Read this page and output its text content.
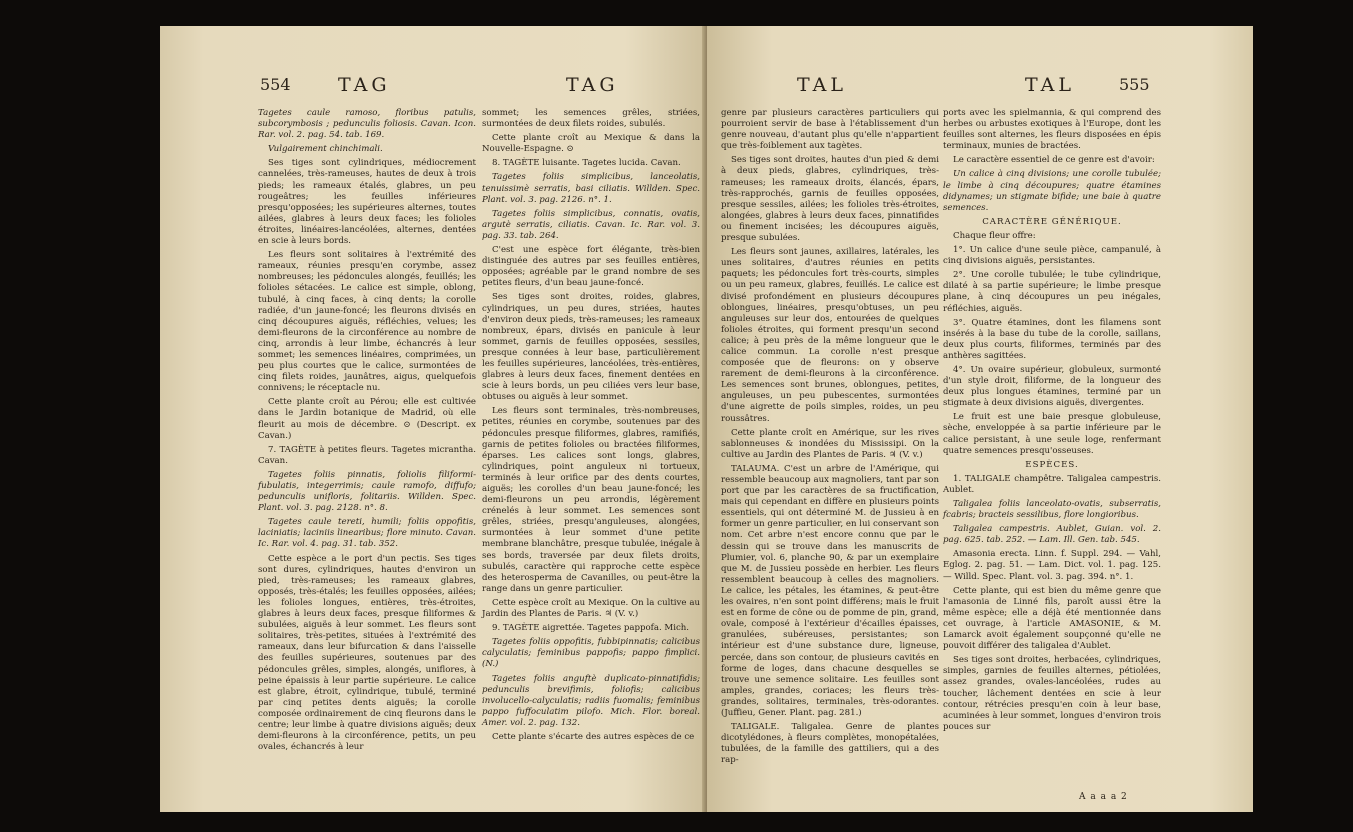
554 TAG	TAG

Tagetes caule ramoso, floribus patulis, subcorymbosis ; pedunculis foliosis. Cavan. Icon. Rar. vol. 2. pag. 54. tab. 169.

Vulgairement chinchimali.

Ses tiges sont cylindriques, médiocrement cannelées, très-rameuses, hautes de deux à trois pieds; les rameaux étalés, glabres, un peu rougeâtres; les feuilles inférieures presqu'opposées; les supérieures alternes, toutes ailées, glabres à leurs deux faces; les folioles étroites, linéaires-lancéolées, alternes, dentées en scie à leurs bords.

Les fleurs sont solitaires à l'extrémité des rameaux, réunies presqu'en corymbe, assez nombreuses; les pédoncules alongés, feuillés; les folioles sétacées. Le calice est simple, oblong, tubulé, à cinq faces, à cinq dents; la corolle radiée, d'un jaune-foncé; les fleurons divisés en cinq découpures aiguës, réfléchies, velues; les demi-fleurons de la circonférence au nombre de cinq, arrondis à leur limbe, échancrés à leur sommet; les semences linéaires, comprimées, un peu plus courtes que le calice, surmontées de cinq filets roides, jaunâtres, aigus, quelquefois connivens; le réceptacle nu.

Cette plante croît au Pérou; elle est cultivée dans le Jardin botanique de Madrid, où elle fleurit au mois de décembre. ⊙ (Descript. ex Cavan.)

7. TAGÈTE à petites fleurs. Tagetes micrantha. Cavan.

Tagetes foliis pinnatis, foliolis filiformi-fubulatis, integerrimis; caule ramofo, diffufo; pedunculis unifloris, folitariis. Willden. Spec. Plant. vol. 3. pag. 2128. n°. 8.

Tagetes caule tereti, humili; foliis oppofitis, laciniatis; laciniis linearibus; flore minuto. Cavan. Ic. Rar. vol. 4. pag. 31. tab. 352.

Cette espèce a le port d'un pectis. Ses tiges sont dures, cylindriques, hautes d'environ un pied, très-rameuses; les rameaux glabres, opposés, très-étalés; les feuilles opposées, ailées; les folioles longues, entières, très-étroites, glabres à leurs deux faces, presque filiformes & subulées, aiguës à leur sommet. Les fleurs sont solitaires, très-petites, situées à l'extrémité des rameaux, dans leur bifurcation & dans l'aisselle des feuilles supérieures, soutenues par des pédoncules grêles, simples, alongés, uniflores, à peine épaissis à leur partie supérieure. Le calice est glabre, étroit, cylindrique, tubulé, terminé par cinq petites dents aiguës; la corolle composée ordinairement de cinq fleurons dans le centre; leur limbe à quatre divisions aiguës; deux demi-fleurons à la circonférence, petits, un peu ovales, échancrés à leur

sommet; les semences grêles, striées, surmontées de deux filets roides, subulés.

Cette plante croît au Mexique & dans la Nouvelle-Espagne. ⊙

8. TAGÈTE luisante. Tagetes lucida. Cavan.

Tagetes foliis simplicibus, lanceolatis, tenuissimè serratis, basi ciliatis. Willden. Spec. Plant. vol. 3. pag. 2126. n°. 1.

Tagetes foliis simplicibus, connatis, ovatis, argutè serratis, ciliatis. Cavan. Ic. Rar. vol. 3. pag. 33. tab. 264.

C'est une espèce fort élégante, très-bien distinguée des autres par ses feuilles entières, opposées; agréable par le grand nombre de ses petites fleurs, d'un beau jaune-foncé.

Ses tiges sont droites, roides, glabres, cylindriques, un peu dures, striées, hautes d'environ deux pieds, très-rameuses; les rameaux nombreux, épars, divisés en panicule à leur sommet, garnis de feuilles opposées, sessiles, presque connées à leur base, particulièrement les feuilles supérieures, lancéolées, très-entières, glabres à leurs deux faces, finement dentées en scie à leurs bords, un peu ciliées vers leur base, obtuses ou aiguës à leur sommet.

Les fleurs sont terminales, très-nombreuses, petites, réunies en corymbe, soutenues par des pédoncules presque filiformes, glabres, ramifiés, garnis de petites folioles ou bractées filiformes, éparses. Les calices sont longs, glabres, cylindriques, point anguleux ni tortueux, terminés à leur orifice par des dents courtes, aiguës; les corolles d'un beau jaune-foncé; les demi-fleurons un peu arrondis, légèrement crénelés à leur sommet. Les semences sont grêles, striées, presqu'anguleuses, alongées, surmontées à leur sommet d'une petite membrane blanchâtre, presque tubulée, inégale à ses bords, traversée par deux filets droits, subulés, caractère qui rapproche cette espèce des heterosperma de Cavanilles, ou peut-être la range dans un genre particulier.

Cette espèce croît au Mexique. On la cultive au Jardin des Plantes de Paris. ♃ (V. v.)

9. TAGÈTE aigrettée. Tagetes pappofa. Mich.

Tagetes foliis oppofitis, fubbipinnatis; calicibus calyculatis; feminibus pappofis; pappo fimplici. (N.)

Tagetes foliis anguftè duplicato-pinnatifidis; pedunculis brevifimis, foliofis; calicibus involucello-calyculatis; radiis fuomalis; feminibus pappo fuffoculatim pilofo. Mich. Flor. boreal. Amer. vol. 2. pag. 132.

Cette plante s'écarte des autres espèces de ce

TAL	TAL	555

genre par plusieurs caractères particuliers qui pourroient servir de base à l'établissement d'un genre nouveau, d'autant plus qu'elle n'appartient que très-foiblement aux tagètes.

Ses tiges sont droites, hautes d'un pied & demi à deux pieds, glabres, cylindriques, très-rameuses; les rameaux droits, élancés, épars, très-rapprochés, garnis de feuilles opposées, presque sessiles, ailées; les folioles très-étroites, alongées, glabres à leurs deux faces, pinnatifides ou finement incisées; les découpures aiguës, presque subulées.

Les fleurs sont jaunes, axillaires, latérales, les unes solitaires, d'autres réunies en petits paquets; les pédoncules fort très-courts, simples ou un peu rameux, glabres, feuillés. Le calice est divisé profondément en plusieurs découpures oblongues, linéaires, presqu'obtuses, un peu anguleuses sur leur dos, entourées de quelques folioles étroites, qui forment presqu'un second calice; à peu près de la même longueur que le calice commun. La corolle n'est presque composée que de fleurons: on y observe rarement de demi-fleurons à la circonférence. Les semences sont brunes, oblongues, petites, anguleuses, un peu pubescentes, surmontées d'une aigrette de poils simples, roides, un peu roussâtres.

Cette plante croît en Amérique, sur les rives sablonneuses & inondées du Mississipi. On la cultive au Jardin des Plantes de Paris. ♃ (V. v.)

TALAUMA. C'est un arbre de l'Amérique, qui ressemble beaucoup aux magnoliers, tant par son port que par les caractères de sa fructification, mais qui cependant en diffère en plusieurs points essentiels, qui ont déterminé M. de Jussieu à en former un genre particulier, en lui conservant son nom. Cet arbre n'est encore connu que par le dessin qui se trouve dans les manuscrits de Plumier, vol. 6, planche 90, & par un exemplaire que M. de Jussieu possède en herbier. Les fleurs ressemblent beaucoup à celles des magnoliers. Le calice, les pétales, les étamines, & peut-être les ovaires, n'en sont point différens; mais le fruit est en forme de cône ou de pomme de pin, grand, ovale, composé à l'extérieur d'écailles épaisses, granulées, subéreuses, persistantes; son intérieur est d'une substance dure, ligneuse, percée, dans son contour, de plusieurs cavités en forme de loges, dans chacune desquelles se trouve une semence solitaire. Les feuilles sont amples, grandes, coriaces; les fleurs très-grandes, solitaires, terminales, très-odorantes. (Juffieu, Gener. Plant. pag. 281.)

TALIGALE. Taligalea. Genre de plantes dicotylédones, à fleurs complètes, monopétalées, tubulées, de la famille des gattiliers, qui a des rap-

ports avec les spielmannia, & qui comprend des herbes ou arbustes exotiques à l'Europe, dont les feuilles sont alternes, les fleurs disposées en épis terminaux, munies de bractées.

Le caractère essentiel de ce genre est d'avoir:

Un calice à cinq divisions; une corolle tubulée; le limbe à cinq découpures; quatre étamines didynames; un stigmate bifide; une baie à quatre semences.

CARACTÈRE GÉNÉRIQUE.

Chaque fleur offre:

1°. Un calice d'une seule pièce, campanulé, à cinq divisions aiguës, persistantes.

2°. Une corolle tubulée; le tube cylindrique, dilaté à sa partie supérieure; le limbe presque plane, à cinq découpures un peu inégales, réfléchies, aiguës.

3°. Quatre étamines, dont les filamens sont insérés à la base du tube de la corolle, saillans, deux plus courts, filiformes, terminés par des anthères sagittées.

4°. Un ovaire supérieur, globuleux, surmonté d'un style droit, filiforme, de la longueur des deux plus longues étamines, terminé par un stigmate à deux divisions aiguës, divergentes.

Le fruit est une baie presque globuleuse, sèche, enveloppée à sa partie inférieure par le calice persistant, à une seule loge, renfermant quatre semences presqu'osseuses.

ESPÈCES.

1. TALIGALE champêtre. Taligalea campestris. Aublet.

Taligalea foliis lanceolato-ovatis, subserratis, fcabris; bracteis sessilibus, flore longioribus.

Taligalea campestris. Aublet, Guian. vol. 2. pag. 625. tab. 252. — Lam. Ill. Gen. tab. 545.

Amasonia erecta. Linn. f. Suppl. 294. — Vahl, Eglog. 2. pag. 51. — Lam. Dict. vol. 1. pag. 125. — Willd. Spec. Plant. vol. 3. pag. 394. n°. 1.

Cette plante, qui est bien du même genre que l'amasonia de Linné fils, paroît aussi être la même espèce; elle a déjà été mentionnée dans cet ouvrage, à l'article AMASONIE, & M. Lamarck avoit également soupçonné qu'elle ne pouvoit différer des taligalea d'Aublet.

Ses tiges sont droites, herbacées, cylindriques, simples, garnies de feuilles alternes, pétiolées, assez grandes, ovales-lancéolées, rudes au toucher, lâchement dentées en scie à leur contour, rétrécies presqu'en coin à leur base, acuminées à leur sommet, longues d'environ trois pouces sur

A a a a 2
